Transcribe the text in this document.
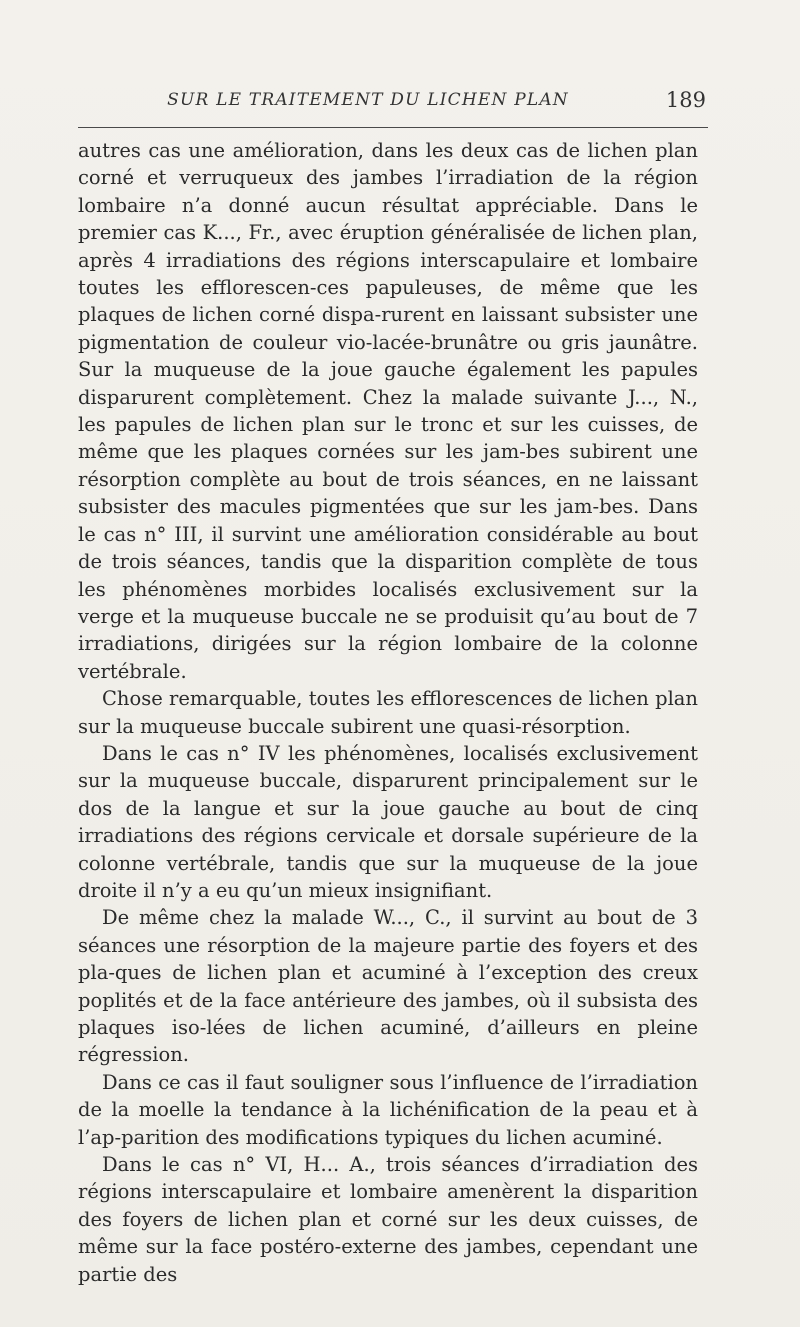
SUR LE TRAITEMENT DU LICHEN PLAN	189

autres cas une amélioration, dans les deux cas de lichen plan corné et verruqueux des jambes l’irradiation de la région lombaire n’a donné aucun résultat appréciable. Dans le premier cas K..., Fr., avec éruption généralisée de lichen plan, après 4 irradiations des régions interscapulaire et lombaire toutes les efflorescen-ces papuleuses, de même que les plaques de lichen corné dispa-rurent en laissant subsister une pigmentation de couleur vio-lacée-brunâtre ou gris jaunâtre. Sur la muqueuse de la joue gauche également les papules disparurent complètement. Chez la malade suivante J..., N., les papules de lichen plan sur le tronc et sur les cuisses, de même que les plaques cornées sur les jam-bes subirent une résorption complète au bout de trois séances, en ne laissant subsister des macules pigmentées que sur les jam-bes. Dans le cas n° III, il survint une amélioration considérable au bout de trois séances, tandis que la disparition complète de tous les phénomènes morbides localisés exclusivement sur la verge et la muqueuse buccale ne se produisit qu’au bout de 7 irradiations, dirigées sur la région lombaire de la colonne vertébrale.

Chose remarquable, toutes les efflorescences de lichen plan sur la muqueuse buccale subirent une quasi-résorption.

Dans le cas n° IV les phénomènes, localisés exclusivement sur la muqueuse buccale, disparurent principalement sur le dos de la langue et sur la joue gauche au bout de cinq irradiations des régions cervicale et dorsale supérieure de la colonne vertébrale, tandis que sur la muqueuse de la joue droite il n’y a eu qu’un mieux insignifiant.

De même chez la malade W..., C., il survint au bout de 3 séances une résorption de la majeure partie des foyers et des pla-ques de lichen plan et acuminé à l’exception des creux poplités et de la face antérieure des jambes, où il subsista des plaques iso-lées de lichen acuminé, d’ailleurs en pleine régression.

Dans ce cas il faut souligner sous l’influence de l’irradiation de la moelle la tendance à la lichénification de la peau et à l’ap-parition des modifications typiques du lichen acuminé.

Dans le cas n° VI, H... A., trois séances d’irradiation des régions interscapulaire et lombaire amenèrent la disparition des foyers de lichen plan et corné sur les deux cuisses, de même sur la face postéro-externe des jambes, cependant une partie des
